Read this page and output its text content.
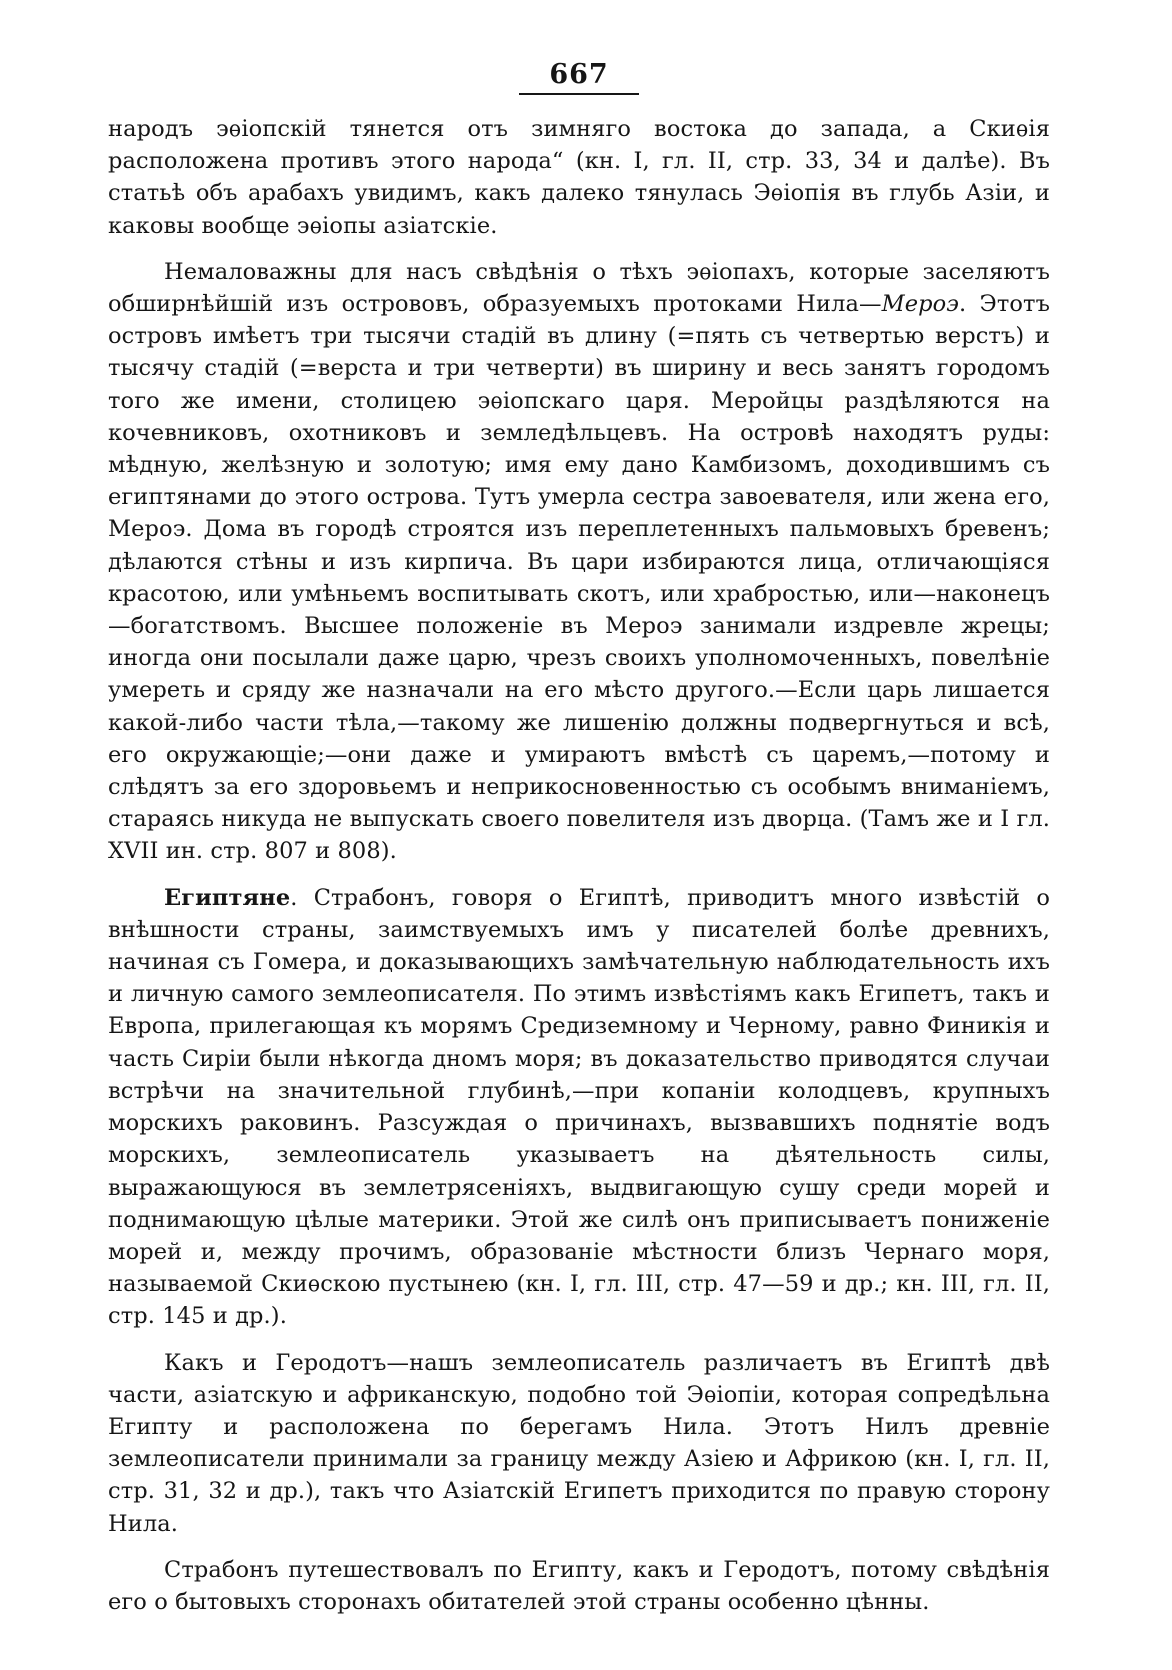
667

народъ эѳіопскій тянется отъ зимняго востока до запада, а Скиѳія расположена противъ этого народа“ (кн. I, гл. II, стр. 33, 34 и далѣе). Въ статьѣ объ арабахъ увидимъ, какъ далеко тянулась Эѳіопія въ глубь Азіи, и каковы вообще эѳіопы азіатскіе.

Немаловажны для насъ свѣдѣнія о тѣхъ эѳіопахъ, которые заселяютъ обширнѣйшій изъ острововъ, образуемыхъ протоками Нила—Мероэ. Этотъ островъ имѣетъ три тысячи стадій въ длину (=пять съ четвертью верстъ) и тысячу стадій (=верста и три четверти) въ ширину и весь занятъ городомъ того же имени, столицею эѳіопскаго царя. Меройцы раздѣляются на кочевниковъ, охотниковъ и земледѣльцевъ. На островѣ находятъ руды: мѣдную, желѣзную и золотую; имя ему дано Камбизомъ, доходившимъ съ египтянами до этого острова. Тутъ умерла сестра завоевателя, или жена его, Мероэ. Дома въ городѣ строятся изъ переплетенныхъ пальмовыхъ бревенъ; дѣлаются стѣны и изъ кирпича. Въ цари избираются лица, отличающіяся красотою, или умѣньемъ воспитывать скотъ, или храбростью, или—наконецъ—богатствомъ. Высшее положеніе въ Мероэ занимали издревле жрецы; иногда они посылали даже царю, чрезъ своихъ уполномоченныхъ, повелѣніе умереть и сряду же назначали на его мѣсто другого.—Если царь лишается какой-либо части тѣла,—такому же лишенію должны подвергнуться и всѣ, его окружающіе;—они даже и умираютъ вмѣстѣ съ царемъ,—потому и слѣдятъ за его здоровьемъ и неприкосновенностью съ особымъ вниманіемъ, стараясь никуда не выпускать своего повелителя изъ дворца. (Тамъ же и I гл. XVII ин. стр. 807 и 808).

Египтяне. Страбонъ, говоря о Египтѣ, приводитъ много извѣстій о внѣшности страны, заимствуемыхъ имъ у писателей болѣе древнихъ, начиная съ Гомера, и доказывающихъ замѣчательную наблюдательность ихъ и личную самого землеописателя. По этимъ извѣстіямъ какъ Египетъ, такъ и Европа, прилегающая къ морямъ Средиземному и Черному, равно Финикія и часть Сиріи были нѣкогда дномъ моря; въ доказательство приводятся случаи встрѣчи на значительной глубинѣ,—при копаніи колодцевъ, крупныхъ морскихъ раковинъ. Разсуждая о причинахъ, вызвавшихъ поднятіе водъ морскихъ, землеописатель указываетъ на дѣятельность силы, выражающуюся въ землетрясеніяхъ, выдвигающую сушу среди морей и поднимающую цѣлые материки. Этой же силѣ онъ приписываетъ пониженіе морей и, между прочимъ, образованіе мѣстности близъ Чернаго моря, называемой Скиѳскою пустынею (кн. I, гл. III, стр. 47—59 и др.; кн. III, гл. II, стр. 145 и др.).

Какъ и Геродотъ—нашъ землеописатель различаетъ въ Египтѣ двѣ части, азіатскую и африканскую, подобно той Эѳіопіи, которая сопредѣльна Египту и расположена по берегамъ Нила. Этотъ Нилъ древніе землеописатели принимали за границу между Азіею и Африкою (кн. I, гл. II, стр. 31, 32 и др.), такъ что Азіатскій Египетъ приходится по правую сторону Нила.

Страбонъ путешествовалъ по Египту, какъ и Геродотъ, потому свѣдѣнія его о бытовыхъ сторонахъ обитателей этой страны особенно цѣнны.
